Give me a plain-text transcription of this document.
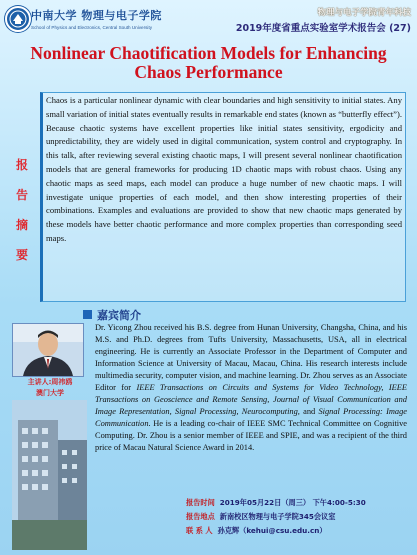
中南大学 物理与电子学院
School of Physics and Electronics, Central South University
物理与电子学院青年科技
2019年度省重点实验室学术报告会 (27)
Nonlinear Chaotification Models for Enhancing
Chaos Performance
报
告
摘
要
Chaos is a particular nonlinear dynamic with clear boundaries and high sensitivity to initial states. Any small variation of initial states eventually results in remarkable end states (known as “butterfly effect”). Because chaotic systems have excellent properties like initial states sensitivity, ergodicity and unpredictability, they are widely used in digital communication, system control and cryptography. In this talk, after reviewing several existing chaotic maps, I will present several nonlinear chaotification models that are general frameworks for producing 1D chaotic maps with robust chaos. Using any chaotic maps as seed maps, each model can produce a huge number of new chaotic maps. I will investigate unique properties of each model, and then show interesting properties of their combinations. Examples and evaluations are provided to show that new chaotic maps generated by these models have better chaotic performance and more complex properties than corresponding seed maps.
嘉宾简介
主讲人:周祎鸥
澳门大学
Dr. Yicong Zhou received his B.S. degree from Hunan University, Changsha, China, and his M.S. and Ph.D. degrees from Tufts University, Massachusetts, USA, all in electrical engineering. He is currently an Associate Professor in the Department of Computer and Information Science at University of Macau, Macau, China. His research interests include multimedia security, computer vision, and machine learning. Dr. Zhou serves as an Associate Editor for IEEE Transactions on Circuits and Systems for Video Technology, IEEE Transactions on Geoscience and Remote Sensing, Journal of Visual Communication and Image Representation, Signal Processing, Neurocomputing, and Signal Processing: Image Communication. He is a leading co-chair of IEEE SMC Technical Committee on Cognitive Computing. Dr. Zhou is a senior member of IEEE and SPIE, and was a recipient of the third price of Macau Natural Science Award in 2014.
报告时间 2019年05月22日（周三） 下午4:00-5:30
报告地点 新南校区物理与电子学院345会议室
联 系 人 孙克辉（kehui@csu.edu.cn）
